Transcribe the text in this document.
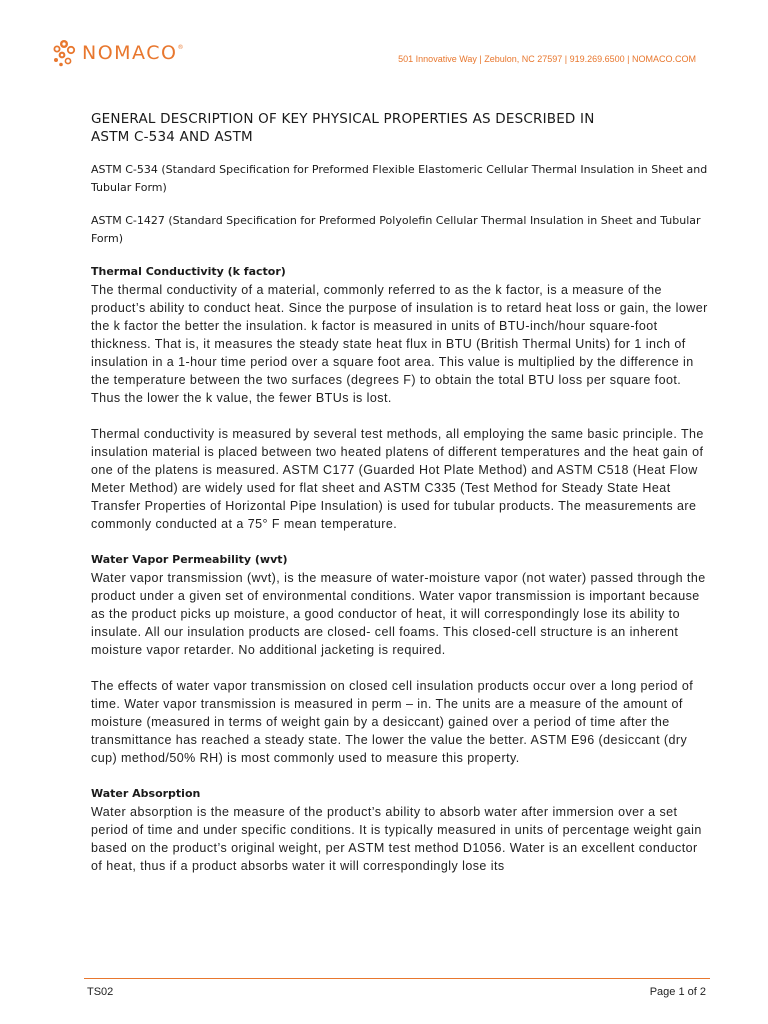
NOMACO®
501 Innovative Way | Zebulon, NC 27597 | 919.269.6500 | NOMACO.COM
GENERAL DESCRIPTION OF KEY PHYSICAL PROPERTIES AS DESCRIBED IN
ASTM C-534 AND ASTM

ASTM C-534 (Standard Specification for Preformed Flexible Elastomeric Cellular Thermal Insulation in Sheet and Tubular Form)

ASTM C-1427 (Standard Specification for Preformed Polyolefin Cellular Thermal Insulation in Sheet and Tubular Form)

Thermal Conductivity (k factor)

The thermal conductivity of a material, commonly referred to as the k factor, is a measure of the product’s ability to conduct heat. Since the purpose of insulation is to retard heat loss or gain, the lower the k factor the better the insulation. k factor is measured in units of BTU-inch/hour square-foot thickness. That is, it measures the steady state heat flux in BTU (British Thermal Units) for 1 inch of insulation in a 1-hour time period over a square foot area. This value is multiplied by the difference in the temperature between the two surfaces (degrees F) to obtain the total BTU loss per square foot. Thus the lower the k value, the fewer BTUs is lost.

Thermal conductivity is measured by several test methods, all employing the same basic principle. The insulation material is placed between two heated platens of different temperatures and the heat gain of one of the platens is measured. ASTM C177 (Guarded Hot Plate Method) and ASTM C518 (Heat Flow Meter Method) are widely used for flat sheet and ASTM C335 (Test Method for Steady State Heat Transfer Properties of Horizontal Pipe Insulation) is used for tubular products. The measurements are commonly conducted at a 75° F mean temperature.

Water Vapor Permeability (wvt)

Water vapor transmission (wvt), is the measure of water-moisture vapor (not water) passed through the product under a given set of environmental conditions. Water vapor transmission is important because as the product picks up moisture, a good conductor of heat, it will correspondingly lose its ability to insulate. All our insulation products are closed- cell foams. This closed-cell structure is an inherent moisture vapor retarder. No additional jacketing is required.

The effects of water vapor transmission on closed cell insulation products occur over a long period of time. Water vapor transmission is measured in perm – in. The units are a measure of the amount of moisture (measured in terms of weight gain by a desiccant) gained over a period of time after the transmittance has reached a steady state. The lower the value the better. ASTM E96 (desiccant (dry cup) method/50% RH) is most commonly used to measure this property.

Water Absorption

Water absorption is the measure of the product’s ability to absorb water after immersion over a set period of time and under specific conditions. It is typically measured in units of percentage weight gain based on the product’s original weight, per ASTM test method D1056. Water is an excellent conductor of heat, thus if a product absorbs water it will correspondingly lose its

TS02	Page 1 of 2
